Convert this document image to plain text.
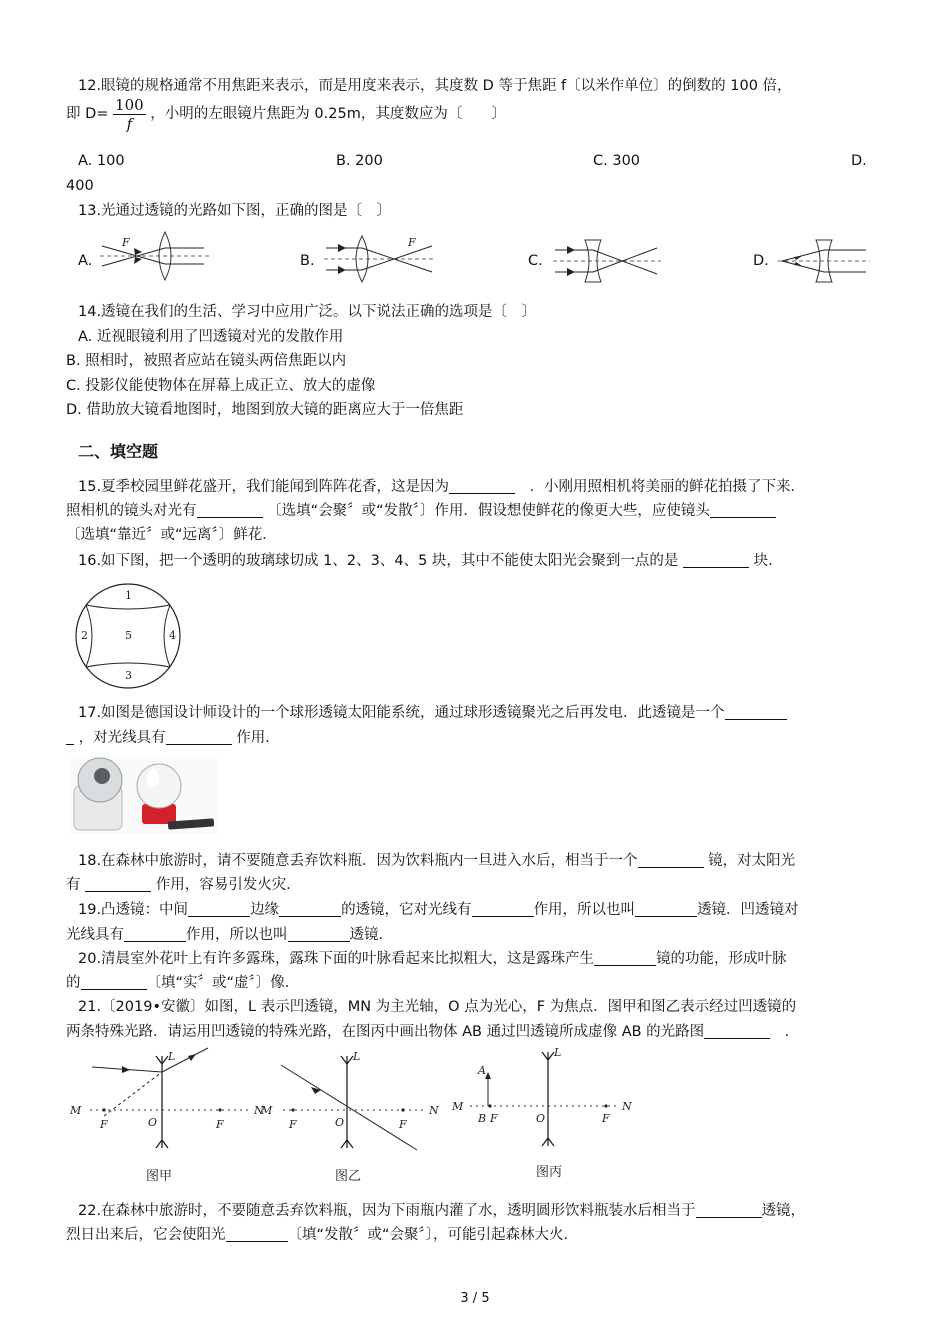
12.眼镜的规格通常不用焦距来表示，而是用度来表示，其度数 D 等于焦距 f〔以米作单位〕的倒数的 100 倍，
即 $D= \frac{100}{f}$ ，小明的左眼镜片焦距为 0.25m，其度数应为〔　　〕
A. 100	B. 200	C. 300	D.
400
13.光通过透镜的光路如下图，正确的图是〔　〕
A.	B.	C.	D.
F	F
14.透镜在我们的生活、学习中应用广泛。以下说法正确的选项是〔　〕
A. 近视眼镜利用了凹透镜对光的发散作用
B. 照相时，被照者应站在镜头两倍焦距以内
C. 投影仪能使物体在屏幕上成正立、放大的虚像
D. 借助放大镜看地图时，地图到放大镜的距离应大于一倍焦距
二、填空题
15.夏季校园里鲜花盛开，我们能闻到阵阵花香，这是因为　	．小刚用照相机将美丽的鲜花拍摄了下来．
照相机的镜头对光有	〔选填“会聚〞或“发散〞〕作用．假设想使鲜花的像更大些，应使镜头
〔选填“靠近〞或“远离〞〕鲜花．
16.如下图，把一个透明的玻璃球切成 1、2、3、4、5 块，其中不能使太阳光会聚到一点的是	块．
1
2
3
4
5
17.如图是德国设计师设计的一个球形透镜太阳能系统，通过球形透镜聚光之后再发电．此透镜是一个
，对光线具有	作用．
18.在森林中旅游时，请不要随意丢弃饮料瓶．因为饮料瓶内一旦进入水后，相当于一个	镜，对太阳光
有	作用，容易引发火灾．
19.凸透镜：中间	边缘	的透镜，它对光线有	作用，所以也叫	透镜．凹透镜对
光线具有	作用，所以也叫	透镜．
20.清晨室外花叶上有许多露珠，露珠下面的叶脉看起来比拟粗大，这是露珠产生	镜的功能，形成叶脉
的	〔填“实〞或“虚〞〕像．
21.〔2019•安徽〕如图，L 表示凹透镜，MN 为主光轴，O 点为光心，F 为焦点．图甲和图乙表示经过凹透镜的
两条特殊光路．请运用凹透镜的特殊光路，在图丙中画出物体 AB 通过凹透镜所成虚像 AB 的光路图　	．
L
M	N
O
F	F
图甲
L
M	N
O
F	F
图乙
L
M	N
O
A
B F	F
图丙
22.在森林中旅游时，不要随意丢弃饮料瓶，因为下雨瓶内灌了水，透明圆形饮料瓶装水后相当于	透镜，
烈日出来后，它会使阳光	〔填“发散〞或“会聚〞〕，可能引起森林大火．
3 / 5
